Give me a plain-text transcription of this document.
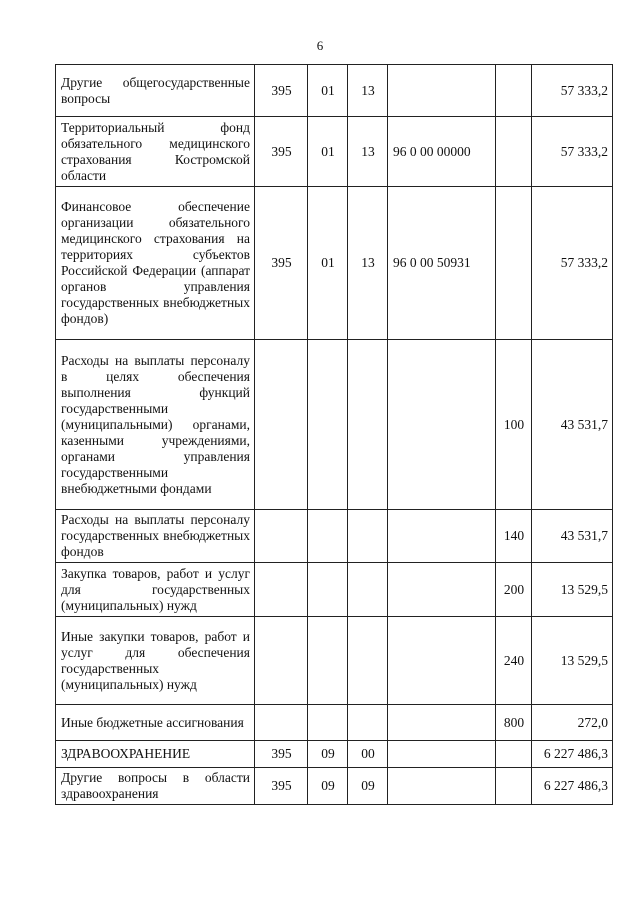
6
Другие общегосударственные вопросы	395	01	13			57 333,2
Территориальный фонд обязательного медицинского страхования Костромской области	395	01	13	96 0 00 00000		57 333,2
Финансовое обеспечение организации обязательного медицинского страхования на территориях субъектов Российской Федерации (аппарат органов управления государственных внебюджетных фондов)	395	01	13	96 0 00 50931		57 333,2
Расходы на выплаты персоналу в целях обеспечения выполнения функций государственными (муниципальными) органами, казенными учреждениями, органами управления государственными внебюджетными фондами					100	43 531,7
Расходы на выплаты персоналу государственных внебюджетных фондов					140	43 531,7
Закупка товаров, работ и услуг для государственных (муниципальных) нужд					200	13 529,5
Иные закупки товаров, работ и услуг для обеспечения государственных (муниципальных) нужд					240	13 529,5
Иные бюджетные ассигнования					800	272,0
ЗДРАВООХРАНЕНИЕ	395	09	00			6 227 486,3
Другие вопросы в области здравоохранения	395	09	09			6 227 486,3
